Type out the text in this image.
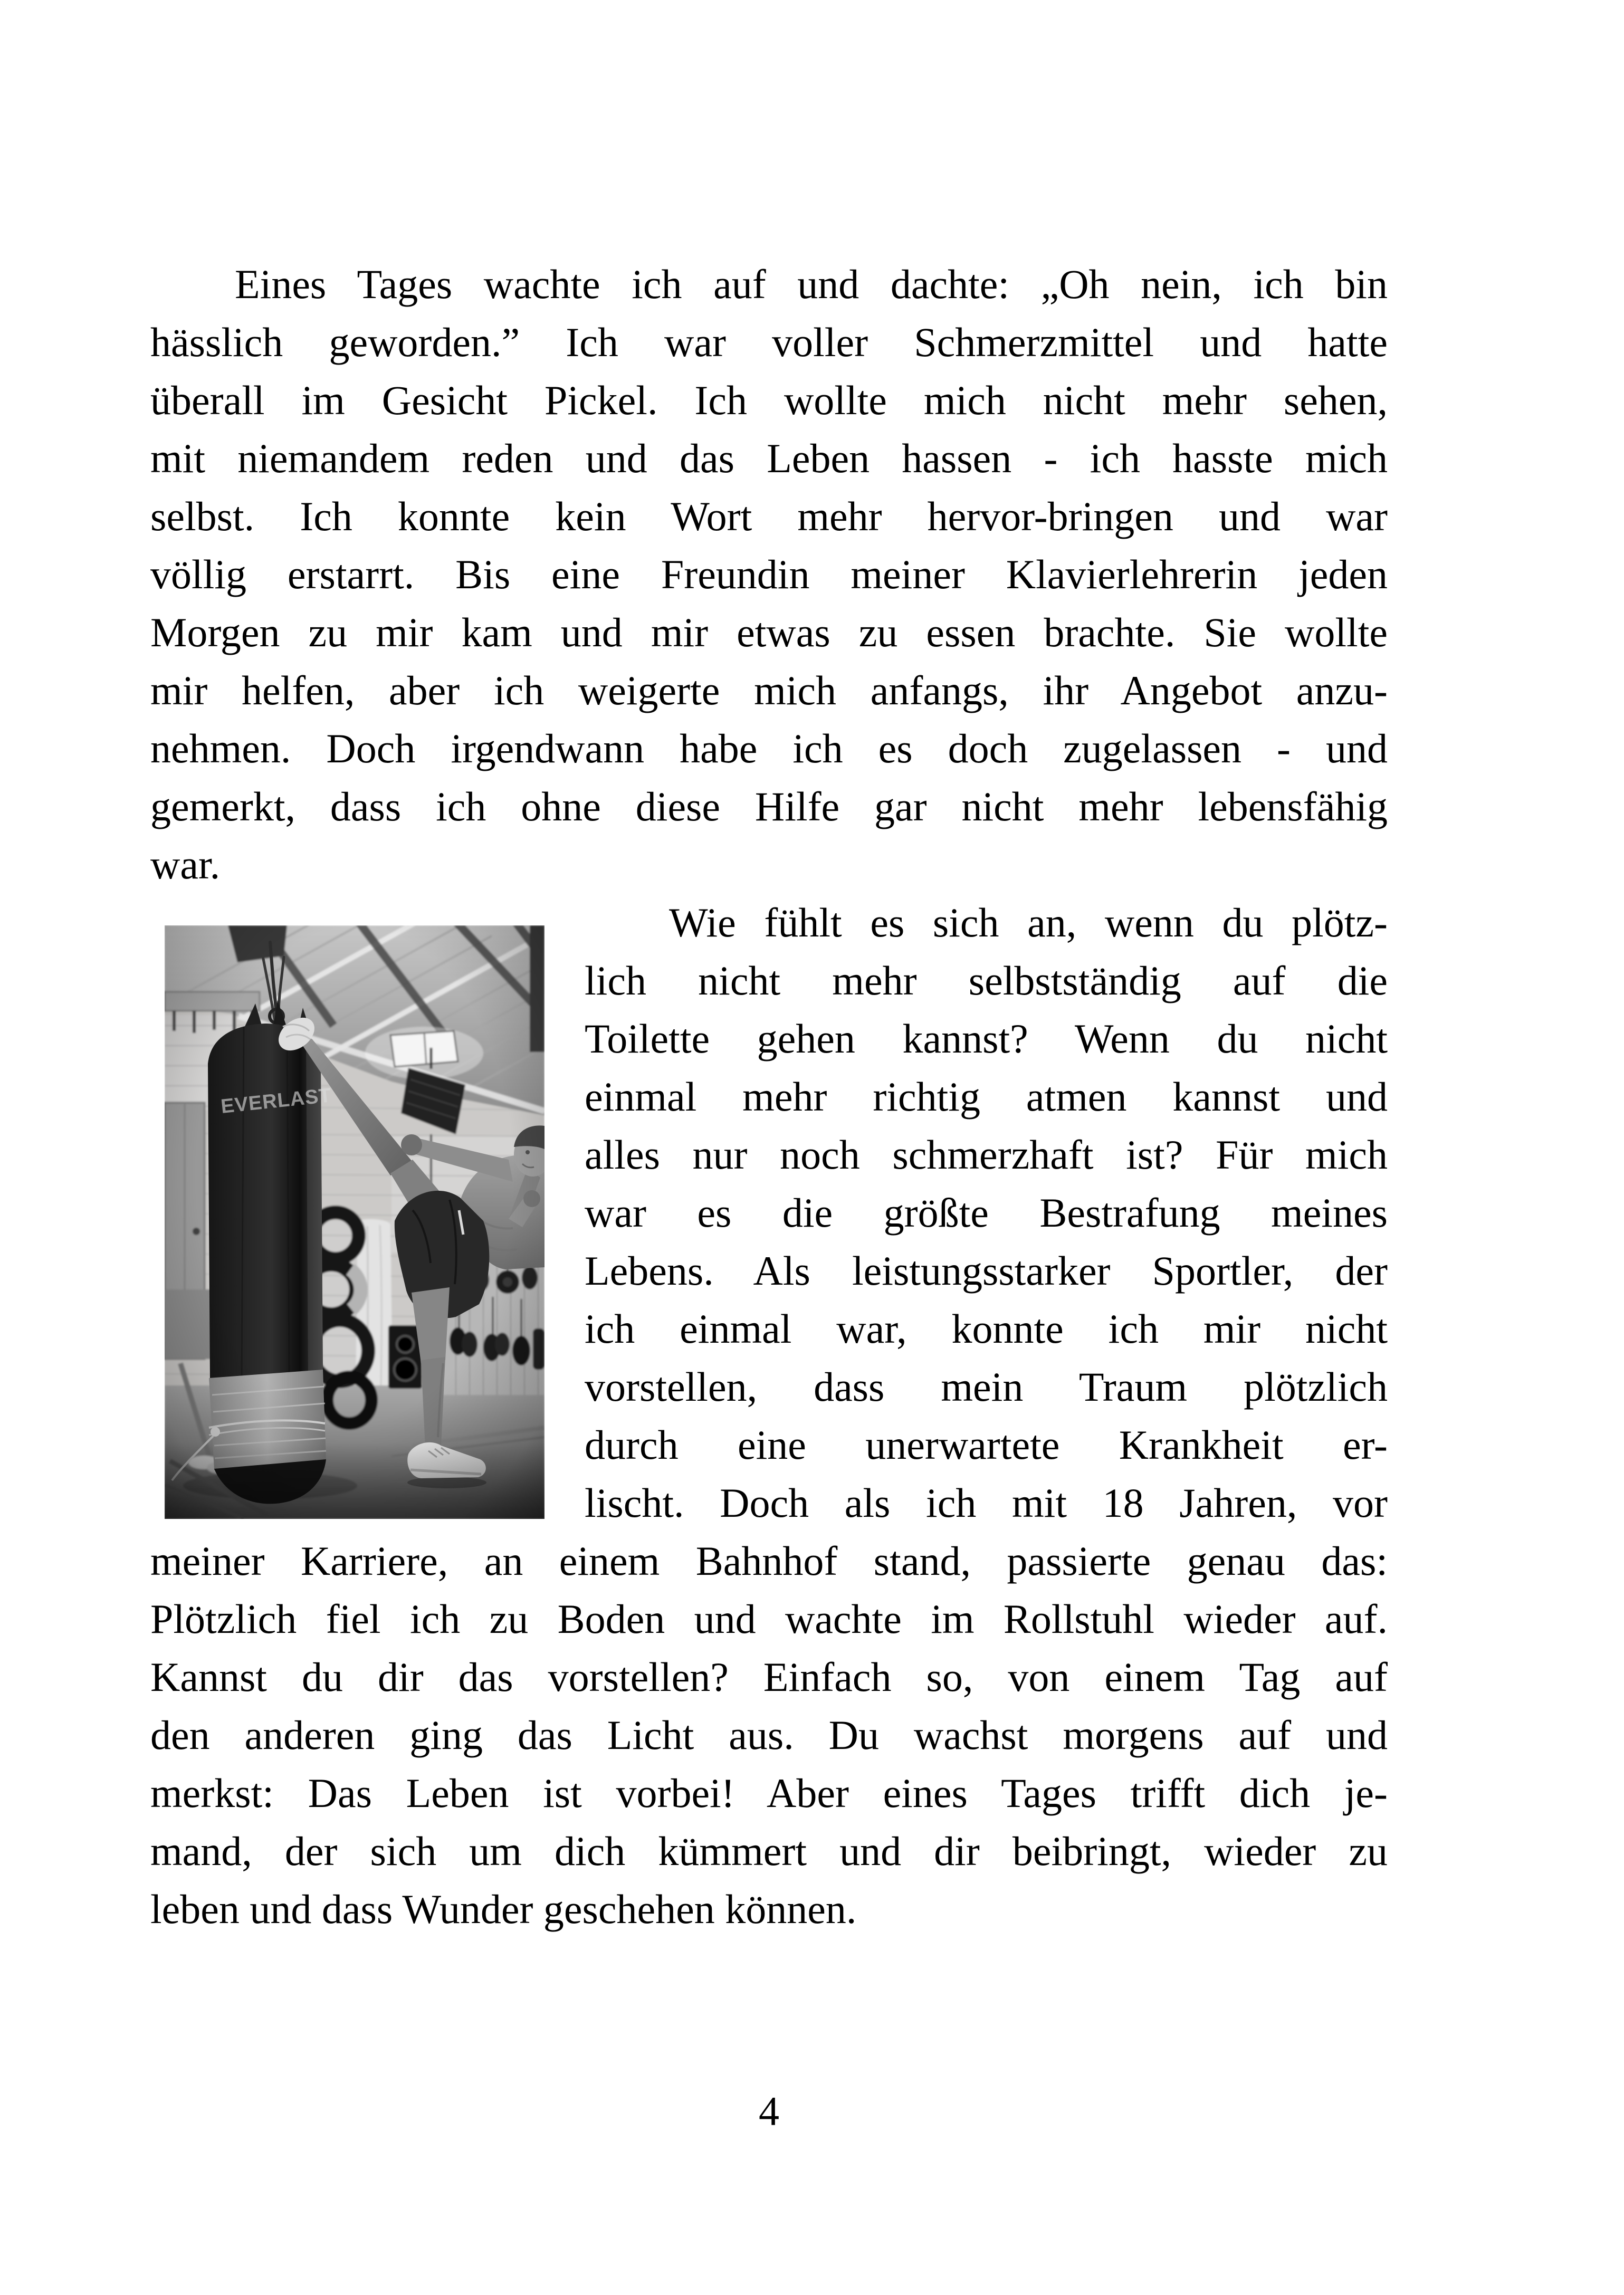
Eines Tages wachte ich auf und dachte: „Oh nein, ich bin
hässlich geworden.” Ich war voller Schmerzmittel und hatte
überall im Gesicht Pickel. Ich wollte mich nicht mehr sehen,
mit niemandem reden und das Leben hassen - ich hasste mich
selbst. Ich konnte kein Wort mehr hervor-bringen und war
völlig erstarrt. Bis eine Freundin meiner Klavierlehrerin jeden
Morgen zu mir kam und mir etwas zu essen brachte. Sie wollte
mir helfen, aber ich weigerte mich anfangs, ihr Angebot anzu-
nehmen. Doch irgendwann habe ich es doch zugelassen - und
gemerkt, dass ich ohne diese Hilfe gar nicht mehr lebensfähig
war.
Wie fühlt es sich an, wenn du plötz-
lich nicht mehr selbstständig auf die
Toilette gehen kannst? Wenn du nicht
einmal mehr richtig atmen kannst und
alles nur noch schmerzhaft ist? Für mich
war es die größte Bestrafung meines
Lebens. Als leistungsstarker Sportler, der
ich einmal war, konnte ich mir nicht
vorstellen, dass mein Traum plötzlich
durch eine unerwartete Krankheit er-
lischt. Doch als ich mit 18 Jahren, vor
meiner Karriere, an einem Bahnhof stand, passierte genau das:
Plötzlich fiel ich zu Boden und wachte im Rollstuhl wieder auf.
Kannst du dir das vorstellen? Einfach so, von einem Tag auf
den anderen ging das Licht aus. Du wachst morgens auf und
merkst: Das Leben ist vorbei! Aber eines Tages trifft dich je-
mand, der sich um dich kümmert und dir beibringt, wieder zu
leben und dass Wunder geschehen können.
4
